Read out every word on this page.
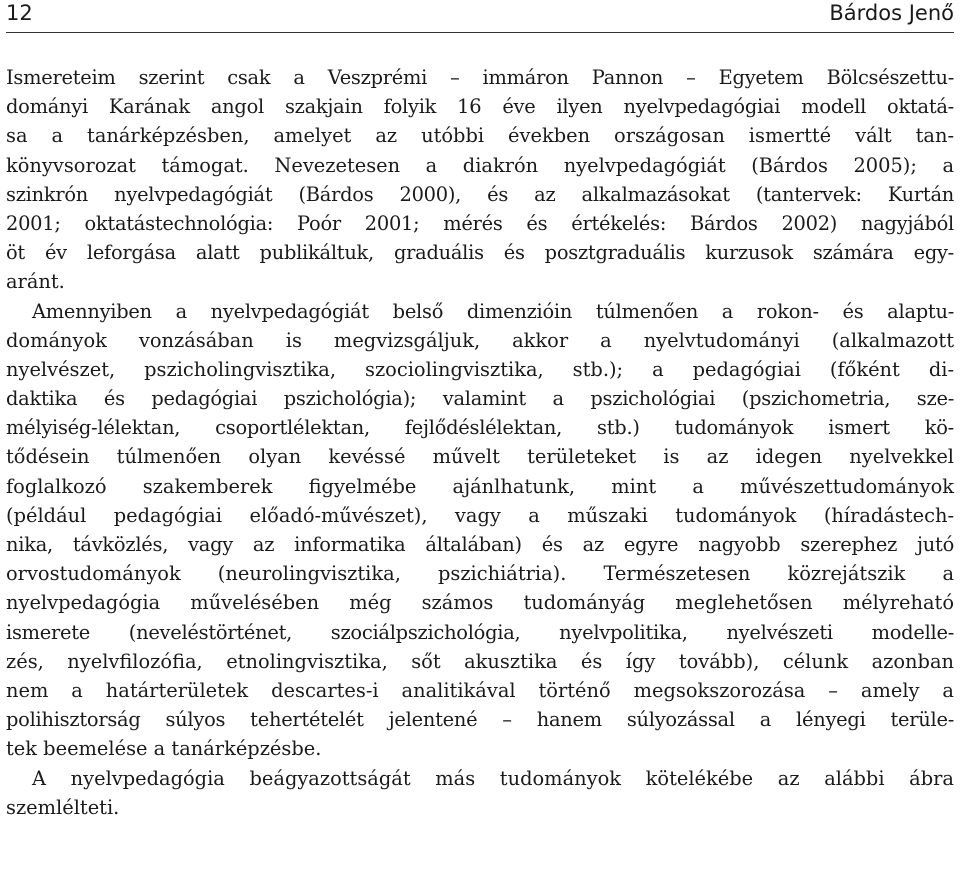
12	Bárdos Jenő
Ismereteim szerint csak a Veszprémi – immáron Pannon – Egyetem Bölcsészettu-
dományi Karának angol szakjain folyik 16 éve ilyen nyelvpedagógiai modell oktatá-
sa a tanárképzésben, amelyet az utóbbi években országosan ismertté vált tan-
könyvsorozat támogat. Nevezetesen a diakrón nyelvpedagógiát (Bárdos 2005); a
szinkrón nyelvpedagógiát (Bárdos 2000), és az alkalmazásokat (tantervek: Kurtán
2001; oktatástechnológia: Poór 2001; mérés és értékelés: Bárdos 2002) nagyjából
öt év leforgása alatt publikáltuk, graduális és posztgraduális kurzusok számára egy-
aránt.
Amennyiben a nyelvpedagógiát belső dimenzióin túlmenően a rokon- és alaptu-
dományok vonzásában is megvizsgáljuk, akkor a nyelvtudományi (alkalmazott
nyelvészet, pszicholingvisztika, szociolingvisztika, stb.); a pedagógiai (főként di-
daktika és pedagógiai pszichológia); valamint a pszichológiai (pszichometria, sze-
mélyiség-lélektan, csoportlélektan, fejlődéslélektan, stb.) tudományok ismert kö-
tődésein túlmenően olyan kevéssé művelt területeket is az idegen nyelvekkel
foglalkozó szakemberek figyelmébe ajánlhatunk, mint a művészettudományok
(például pedagógiai előadó-művészet), vagy a műszaki tudományok (híradástech-
nika, távközlés, vagy az informatika általában) és az egyre nagyobb szerephez jutó
orvostudományok (neurolingvisztika, pszichiátria). Természetesen közrejátszik a
nyelvpedagógia művelésében még számos tudományág meglehetősen mélyreható
ismerete (neveléstörténet, szociálpszichológia, nyelvpolitika, nyelvészeti modelle-
zés, nyelvfilozófia, etnolingvisztika, sőt akusztika és így tovább), célunk azonban
nem a határterületek descartes-i analitikával történő megsokszorozása – amely a
polihisztorság súlyos tehertételét jelentené – hanem súlyozással a lényegi terüle-
tek beemelése a tanárképzésbe.
A nyelvpedagógia beágyazottságát más tudományok kötelékébe az alábbi ábra
szemlélteti.
